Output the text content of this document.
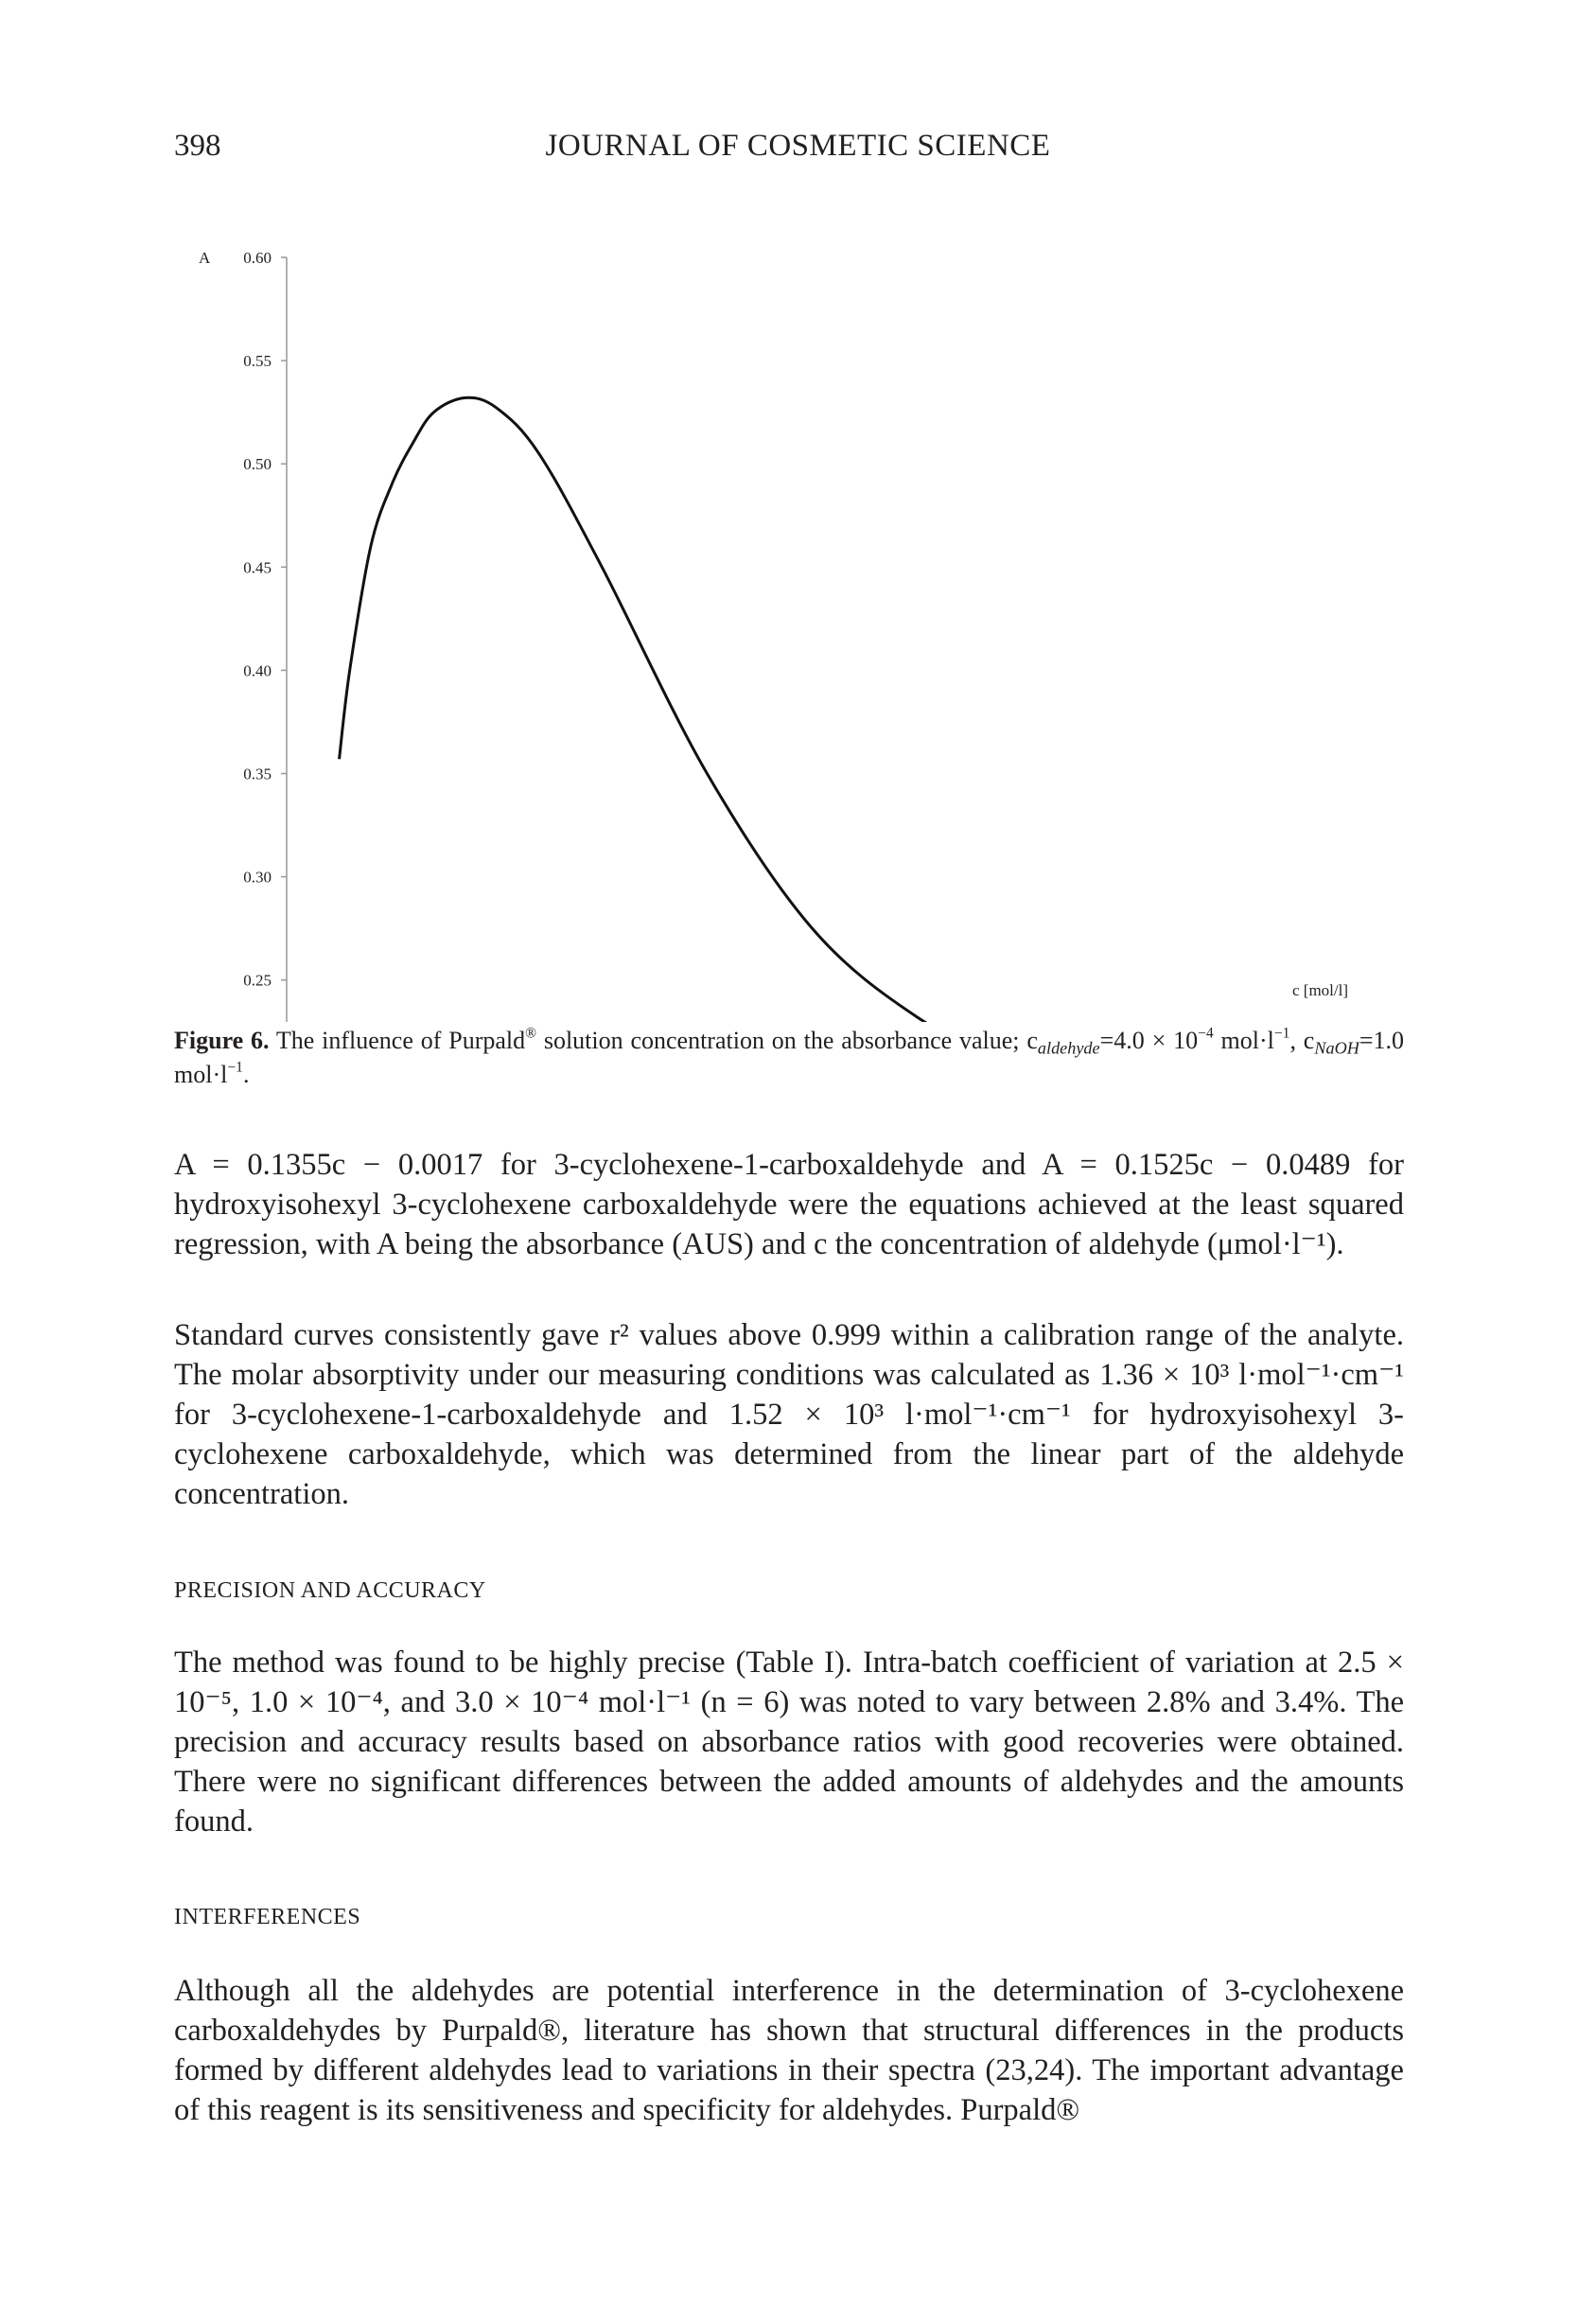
398	JOURNAL OF COSMETIC SCIENCE
0.25
0.30
0.35
0.40
0.45
0.50
0.55
0.60
A
c [mol/l]
Figure 6. The influence of Purpald® solution concentration on the absorbance value; $c_{aldehyde}=4.0 \times 10^{-4}$ $mol\cdot l^{-1}$, $c_{NaOH}=1.0$ $mol\cdot l^{-1}$.

A = 0.1355c − 0.0017 for 3-cyclohexene-1-carboxaldehyde and A = 0.1525c − 0.0489 for hydroxyisohexyl 3-cyclohexene carboxaldehyde were the equations achieved at the least squared regression, with A being the absorbance (AUS) and c the concentration of aldehyde (μmol·l⁻¹).

Standard curves consistently gave r² values above 0.999 within a calibration range of the analyte. The molar absorptivity under our measuring conditions was calculated as 1.36 × 10³ l·mol⁻¹·cm⁻¹ for 3-cyclohexene-1-carboxaldehyde and 1.52 × 10³ l·mol⁻¹·cm⁻¹ for hydroxyisohexyl 3-cyclohexene carboxaldehyde, which was determined from the linear part of the aldehyde concentration.

PRECISION AND ACCURACY

The method was found to be highly precise (Table I). Intra-batch coefficient of variation at 2.5 × 10⁻⁵, 1.0 × 10⁻⁴, and 3.0 × 10⁻⁴ mol·l⁻¹ (n = 6) was noted to vary between 2.8% and 3.4%. The precision and accuracy results based on absorbance ratios with good recoveries were obtained. There were no significant differences between the added amounts of aldehydes and the amounts found.

INTERFERENCES

Although all the aldehydes are potential interference in the determination of 3-cyclohexene carboxaldehydes by Purpald®, literature has shown that structural differences in the products formed by different aldehydes lead to variations in their spectra (23,24). The important advantage of this reagent is its sensitiveness and specificity for aldehydes. Purpald®
